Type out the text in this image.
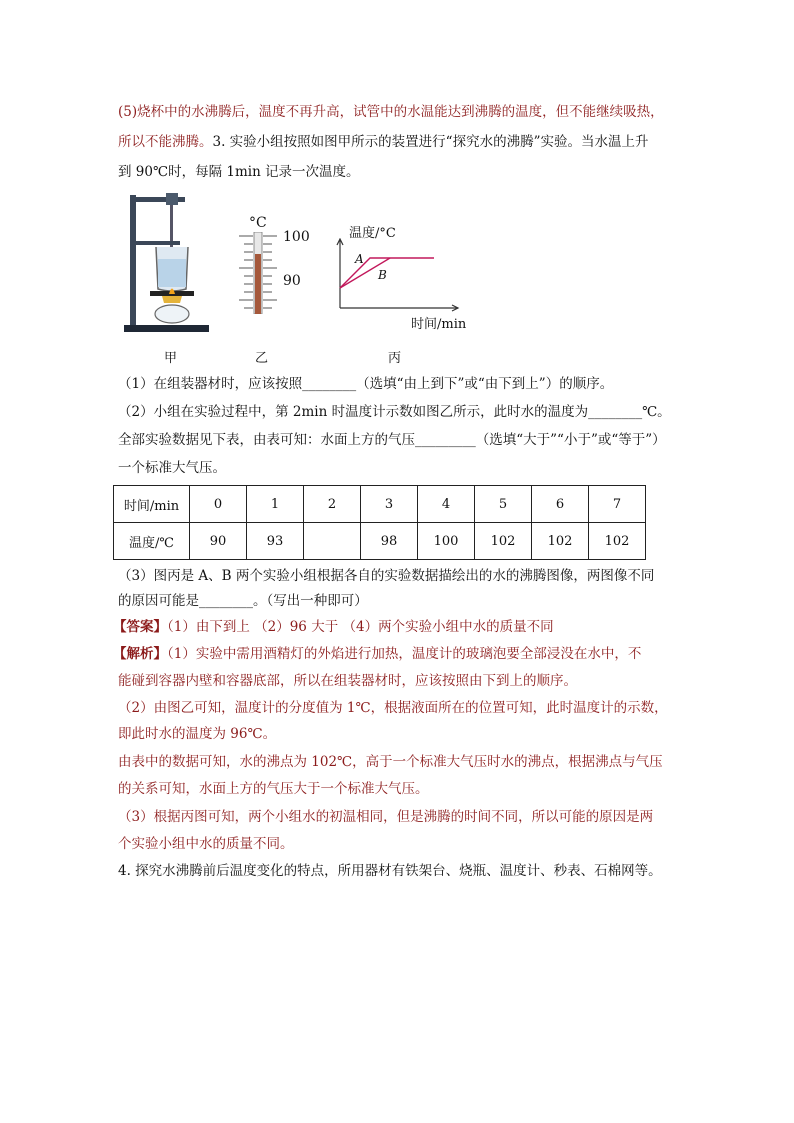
(5)烧杯中的水沸腾后，温度不再升高，试管中的水温能达到沸腾的温度，但不能继续吸热，
所以不能沸腾。3. 实验小组按照如图甲所示的装置进行“探究水的沸腾”实验。当水温上升
到 90℃时，每隔 1min 记录一次温度。
°C
100
90
温度/°C
时间/min
A
B
甲	乙	丙
（1）在组装器材时，应该按照________（选填“由上到下”或“由下到上”）的顺序。
（2）小组在实验过程中，第 2min 时温度计示数如图乙所示，此时水的温度为________℃。
全部实验数据见下表，由表可知：水面上方的气压_________（选填“大于”“小于”或“等于”）
一个标准大气压。
时间/min	0	1	2	3	4	5	6	7
温度/℃	90	93		98	100	102	102	102
（3）图丙是 A、B 两个实验小组根据各自的实验数据描绘出的水的沸腾图像，两图像不同
的原因可能是________。（写出一种即可）
【答案】（1）由下到上 （2）96 大于 （4）两个实验小组中水的质量不同
【解析】（1）实验中需用酒精灯的外焰进行加热，温度计的玻璃泡要全部浸没在水中，不
能碰到容器内壁和容器底部，所以在组装器材时，应该按照由下到上的顺序。
（2）由图乙可知，温度计的分度值为 1℃，根据液面所在的位置可知，此时温度计的示数，
即此时水的温度为 96℃。
由表中的数据可知，水的沸点为 102℃，高于一个标准大气压时水的沸点，根据沸点与气压
的关系可知，水面上方的气压大于一个标准大气压。
（3）根据丙图可知，两个小组水的初温相同，但是沸腾的时间不同，所以可能的原因是两
个实验小组中水的质量不同。
4. 探究水沸腾前后温度变化的特点，所用器材有铁架台、烧瓶、温度计、秒表、石棉网等。
